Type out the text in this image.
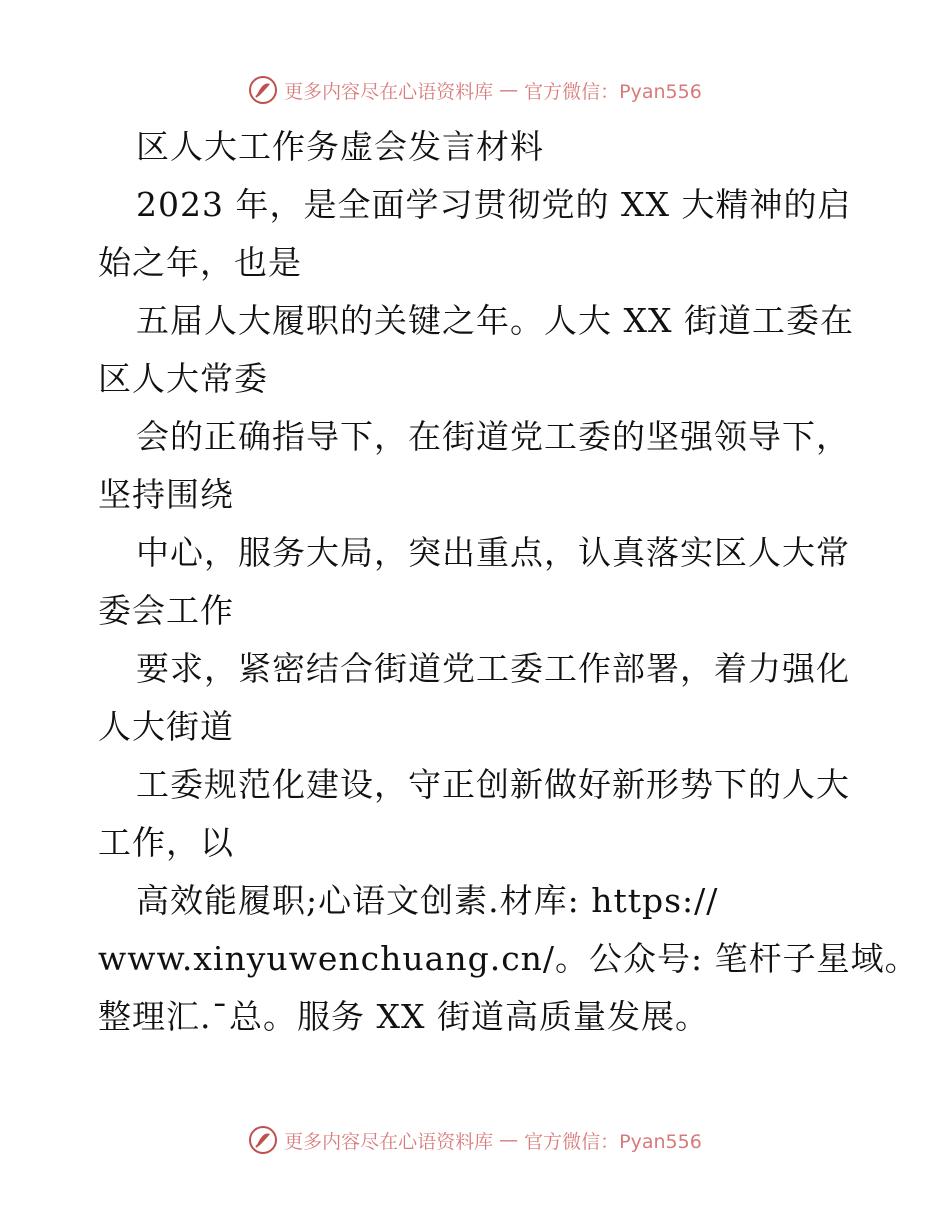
更多内容尽在心语资料库 — 官方微信：Pyan556
区人大工作务虚会发言材料
2023 年，是全面学习贯彻党的 XX 大精神的启
始之年，也是
五届人大履职的关键之年。人大 XX 街道工委在
区人大常委
会的正确指导下，在街道党工委的坚强领导下，
坚持围绕
中心，服务大局，突出重点，认真落实区人大常
委会工作
要求，紧密结合街道党工委工作部署，着力强化
人大街道
工委规范化建设，守正创新做好新形势下的人大
工作，以
高效能履职;心语文创素.材库: https://
www.xinyuwenchuang.cn/。公众号: 笔杆子星域。
整理汇.¯总。服务 XX 街道高质量发展。
更多内容尽在心语资料库 — 官方微信：Pyan556
